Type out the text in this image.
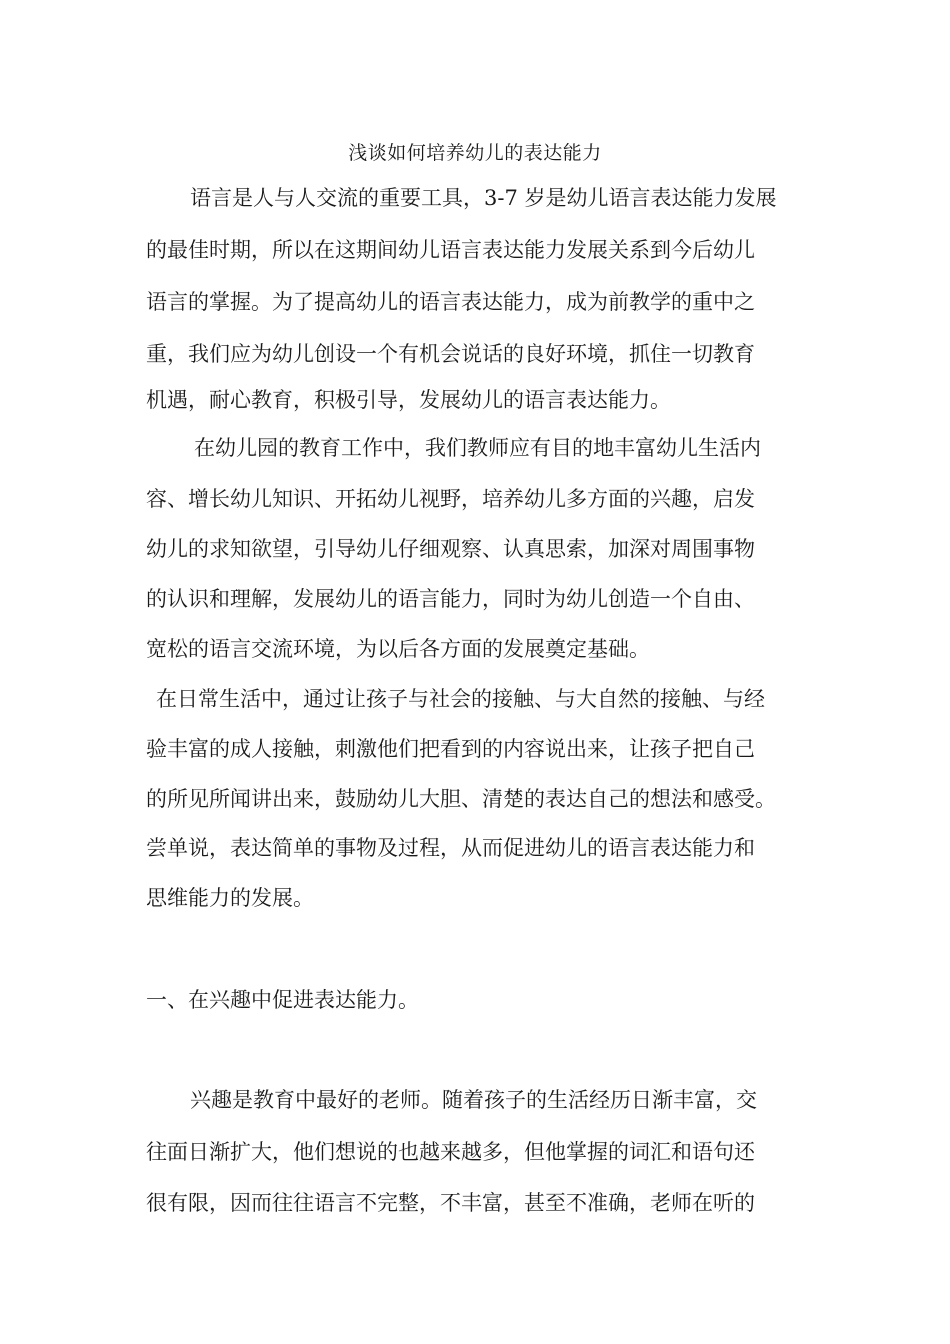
浅谈如何培养幼儿的表达能力

语言是人与人交流的重要工具，3-7 岁是幼儿语言表达能力发展

的最佳时期，所以在这期间幼儿语言表达能力发展关系到今后幼儿

语言的掌握。为了提高幼儿的语言表达能力，成为前教学的重中之

重，我们应为幼儿创设一个有机会说话的良好环境，抓住一切教育

机遇，耐心教育，积极引导，发展幼儿的语言表达能力。

在幼儿园的教育工作中，我们教师应有目的地丰富幼儿生活内

容、增长幼儿知识、开拓幼儿视野，培养幼儿多方面的兴趣，启发

幼儿的求知欲望，引导幼儿仔细观察、认真思索，加深对周围事物

的认识和理解，发展幼儿的语言能力，同时为幼儿创造一个自由、

宽松的语言交流环境，为以后各方面的发展奠定基础。

在日常生活中，通过让孩子与社会的接触、与大自然的接触、与经

验丰富的成人接触，刺激他们把看到的内容说出来，让孩子把自己

的所见所闻讲出来，鼓励幼儿大胆、清楚的表达自己的想法和感受。

尝单说，表达简单的事物及过程，从而促进幼儿的语言表达能力和

思维能力的发展。

一、在兴趣中促进表达能力。

兴趣是教育中最好的老师。随着孩子的生活经历日渐丰富，交

往面日渐扩大，他们想说的也越来越多，但他掌握的词汇和语句还

很有限，因而往往语言不完整，不丰富，甚至不准确，老师在听的
